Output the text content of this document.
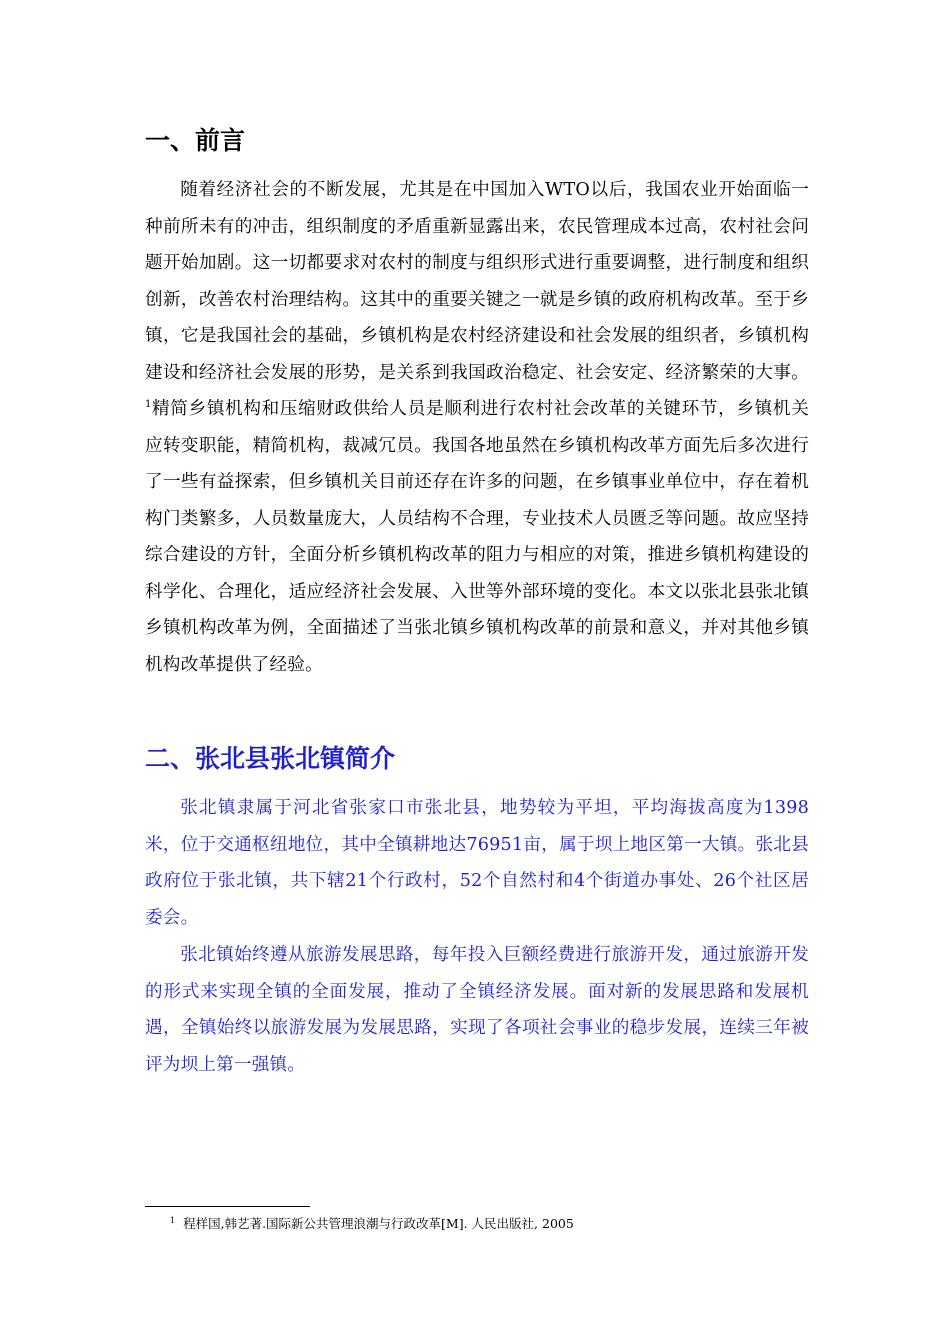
一、前言

随着经济社会的不断发展，尤其是在中国加入WTO以后，我国农业开始面临一种前所未有的冲击，组织制度的矛盾重新显露出来，农民管理成本过高，农村社会问题开始加剧。这一切都要求对农村的制度与组织形式进行重要调整，进行制度和组织创新，改善农村治理结构。这其中的重要关键之一就是乡镇的政府机构改革。至于乡镇，它是我国社会的基础，乡镇机构是农村经济建设和社会发展的组织者，乡镇机构建设和经济社会发展的形势，是关系到我国政治稳定、社会安定、经济繁荣的大事。$^1$精简乡镇机构和压缩财政供给人员是顺利进行农村社会改革的关键环节，乡镇机关应转变职能，精简机构，裁减冗员。我国各地虽然在乡镇机构改革方面先后多次进行了一些有益探索，但乡镇机关目前还存在许多的问题，在乡镇事业单位中，存在着机构门类繁多，人员数量庞大，人员结构不合理，专业技术人员匮乏等问题。故应坚持综合建设的方针，全面分析乡镇机构改革的阻力与相应的对策，推进乡镇机构建设的科学化、合理化，适应经济社会发展、入世等外部环境的变化。本文以张北县张北镇乡镇机构改革为例，全面描述了当张北镇乡镇机构改革的前景和意义，并对其他乡镇机构改革提供了经验。

二、张北县张北镇简介

张北镇隶属于河北省张家口市张北县，地势较为平坦，平均海拔高度为1398米，位于交通枢纽地位，其中全镇耕地达76951亩，属于坝上地区第一大镇。张北县政府位于张北镇，共下辖21个行政村，52个自然村和4个街道办事处、26个社区居委会。

张北镇始终遵从旅游发展思路，每年投入巨额经费进行旅游开发，通过旅游开发的形式来实现全镇的全面发展，推动了全镇经济发展。面对新的发展思路和发展机遇，全镇始终以旅游发展为发展思路，实现了各项社会事业的稳步发展，连续三年被评为坝上第一强镇。

$^1$ 程样国,韩艺著.国际新公共管理浪潮与行政改革[M]. 人民出版社, 2005
